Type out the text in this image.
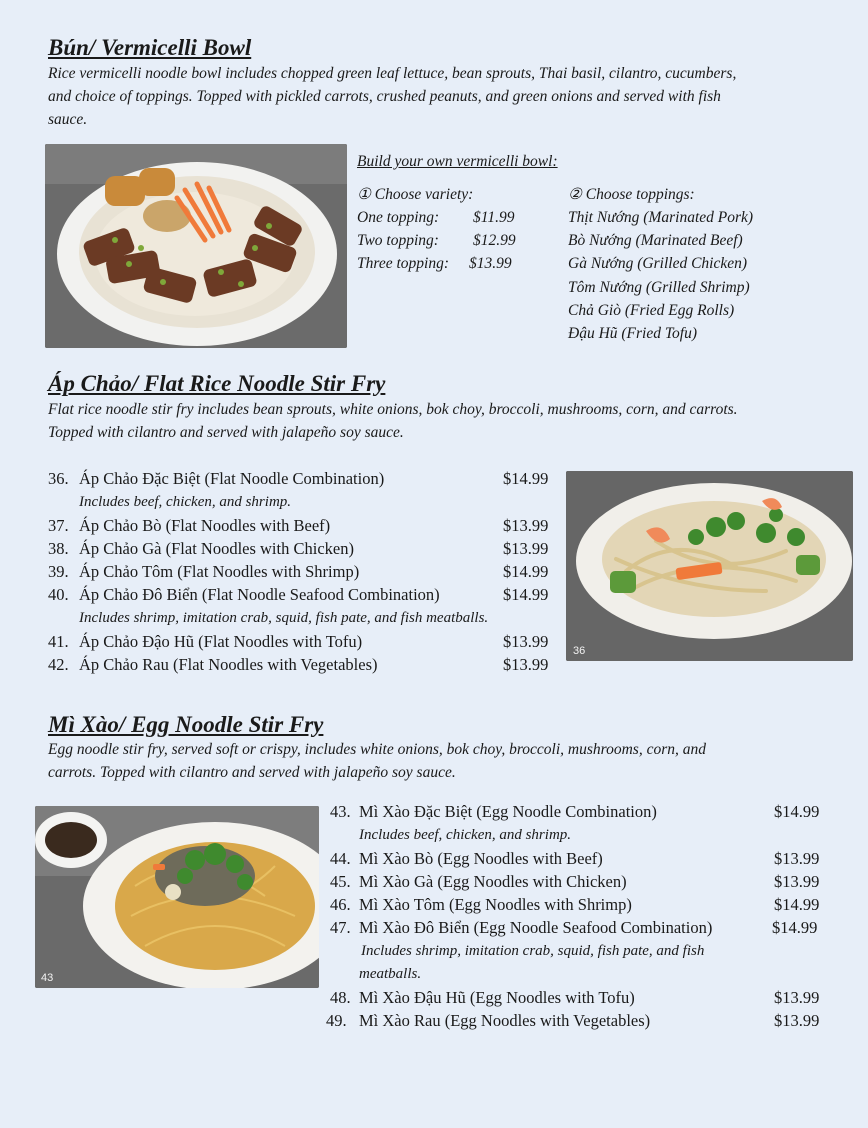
Bún/ Vermicelli Bowl

Rice vermicelli noodle bowl includes chopped green leaf lettuce, bean sprouts, Thai basil, cilantro, cucumbers,

and choice of toppings. Topped with pickled carrots, crushed peanuts, and green onions and served with fish

sauce.

Build your own vermicelli bowl:
① Choose variety:
One topping: $11.99
Two topping: $12.99
Three topping: $13.99
② Choose toppings:
Thịt Nướng (Marinated Pork)
Bò Nướng (Marinated Beef)
Gà Nướng (Grilled Chicken)
Tôm Nướng (Grilled Shrimp)
Chả Giò (Fried Egg Rolls)
Đậu Hũ (Fried Tofu)
Áp Chảo/ Flat Rice Noodle Stir Fry

Flat rice noodle stir fry includes bean sprouts, white onions, bok choy, broccoli, mushrooms, corn, and carrots.

Topped with cilantro and served with jalapeño soy sauce.

36. Áp Chảo Đặc Biệt (Flat Noodle Combination)	$14.99
Includes beef, chicken, and shrimp.
37. Áp Chảo Bò (Flat Noodles with Beef)	$13.99
38. Áp Chảo Gà (Flat Noodles with Chicken)	$13.99
39. Áp Chảo Tôm (Flat Noodles with Shrimp)	$14.99
40. Áp Chảo Đô Biển (Flat Noodle Seafood Combination)	$14.99
Includes shrimp, imitation crab, squid, fish pate, and fish meatballs.
41. Áp Chảo Đậo Hũ (Flat Noodles with Tofu)	$13.99
42. Áp Chảo Rau (Flat Noodles with Vegetables)	$13.99
36
Mì Xào/ Egg Noodle Stir Fry

Egg noodle stir fry, served soft or crispy, includes white onions, bok choy, broccoli, mushrooms, corn, and

carrots. Topped with cilantro and served with jalapeño soy sauce.

43
43. Mì Xào Đặc Biệt (Egg Noodle Combination)	$14.99
Includes beef, chicken, and shrimp.
44. Mì Xào Bò (Egg Noodles with Beef)	$13.99
45. Mì Xào Gà (Egg Noodles with Chicken)	$13.99
46. Mì Xào Tôm (Egg Noodles with Shrimp)	$14.99
47. Mì Xào Đô Biển (Egg Noodle Seafood Combination)	$14.99
Includes shrimp, imitation crab, squid, fish pate, and fish
meatballs.
48. Mì Xào Đậu Hũ (Egg Noodles with Tofu)	$13.99
49. Mì Xào Rau (Egg Noodles with Vegetables)	$13.99
